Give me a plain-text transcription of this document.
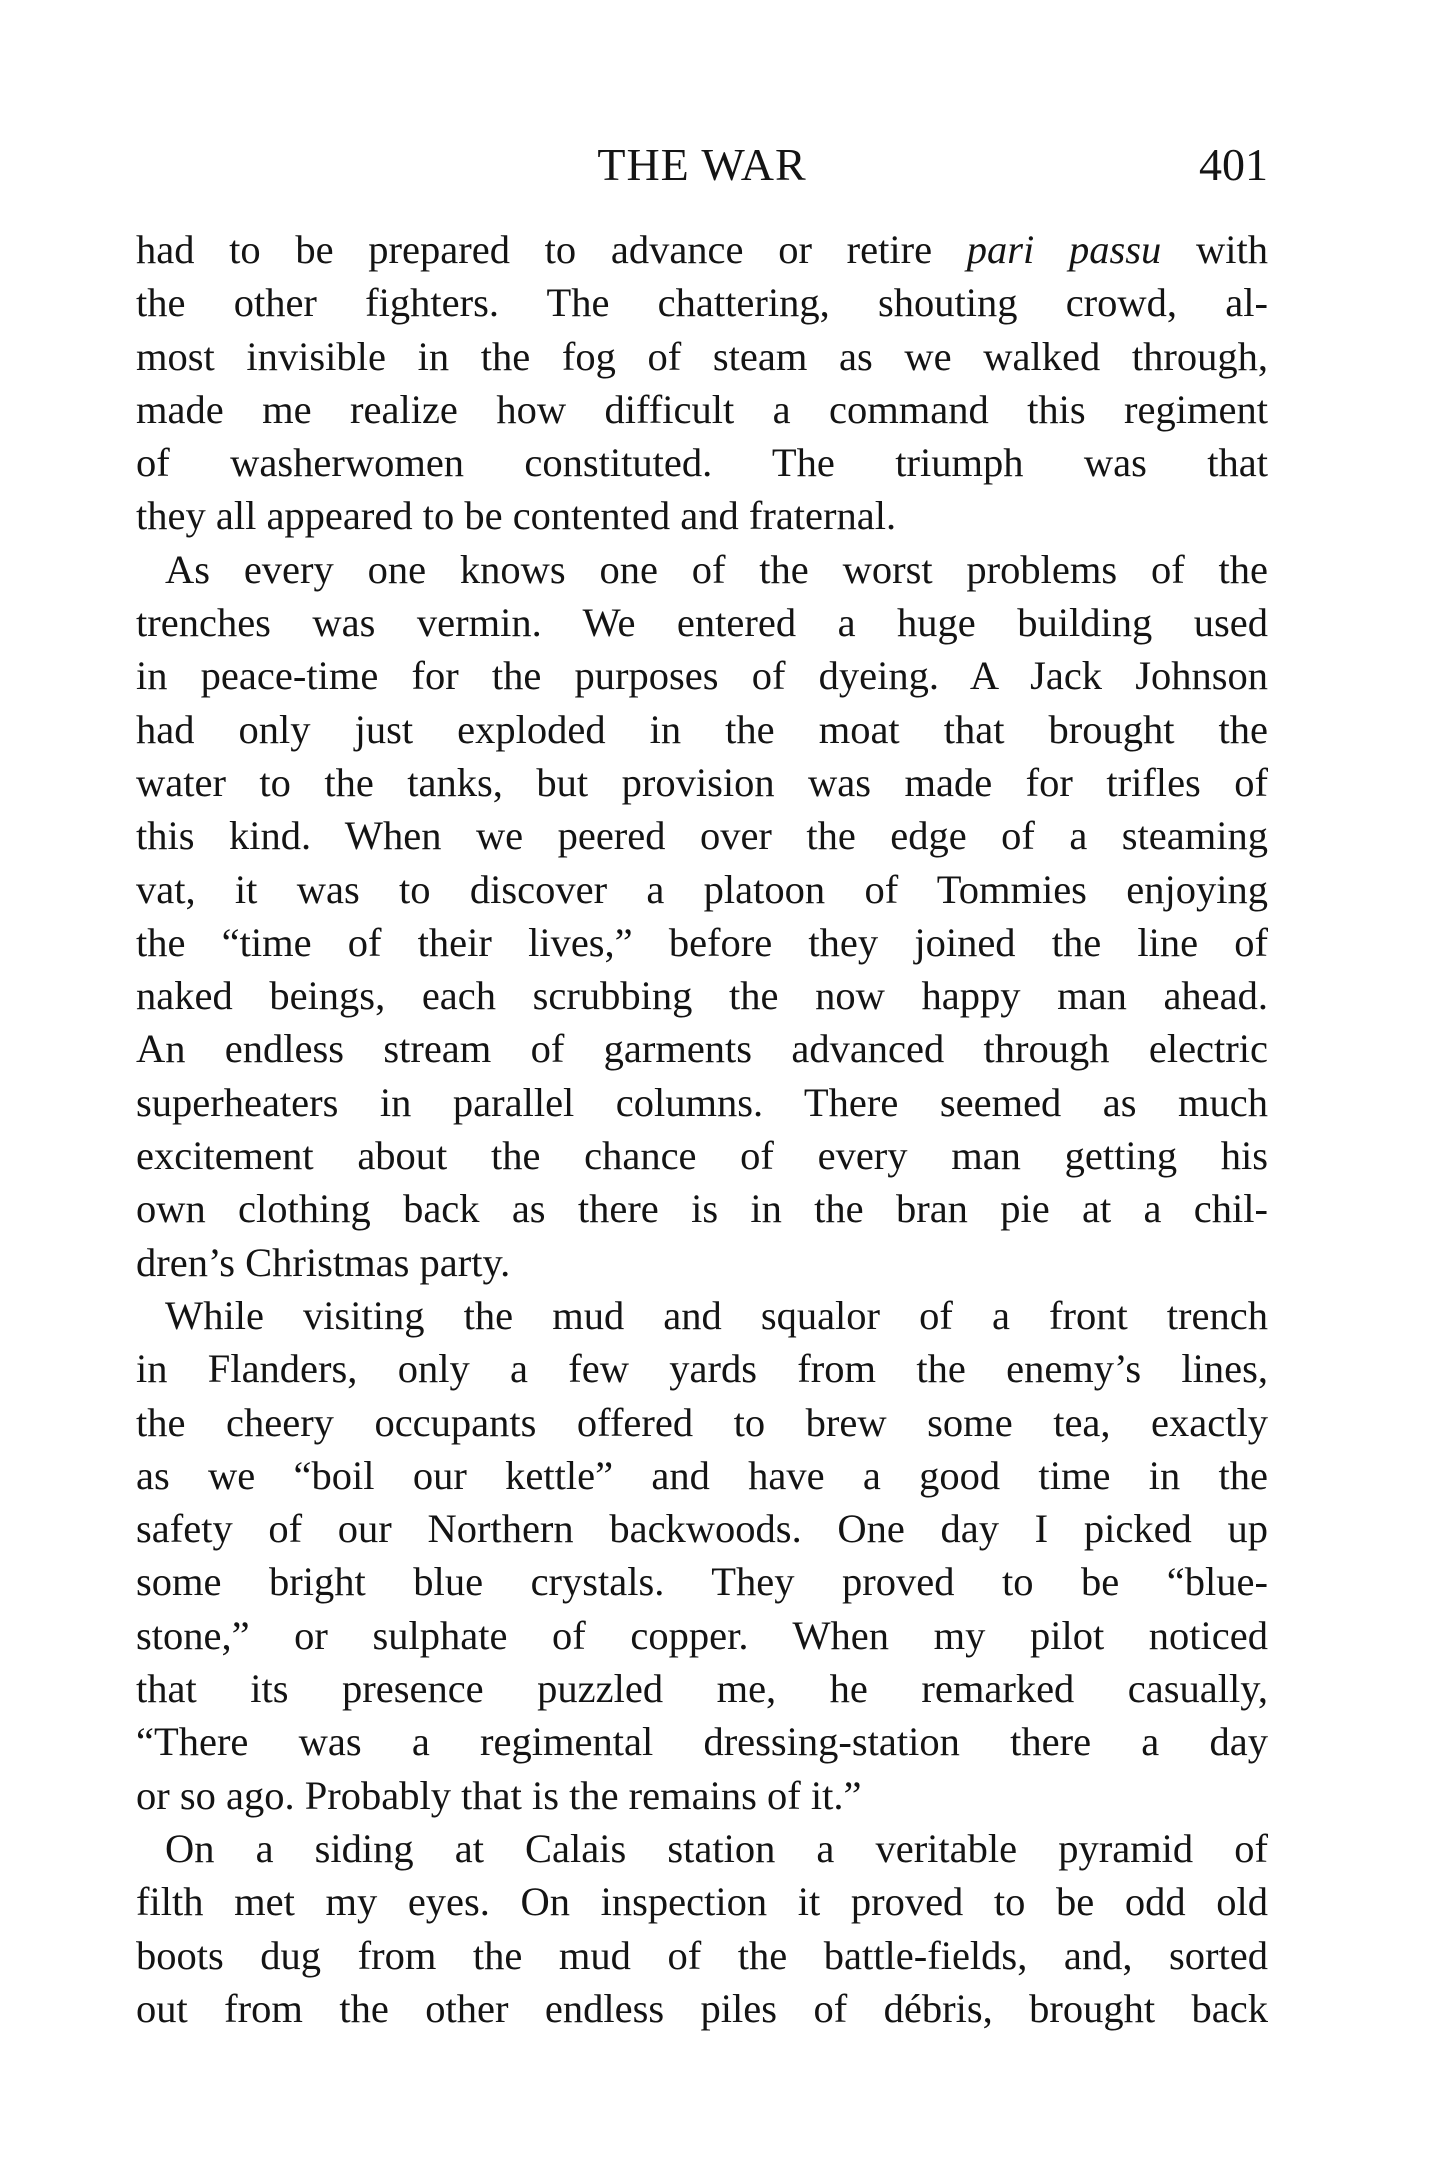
THE WAR	401
had to be prepared to advance or retire pari passu with
the other fighters. The chattering, shouting crowd, al-
most invisible in the fog of steam as we walked through,
made me realize how difficult a command this regiment
of washerwomen constituted. The triumph was that
they all appeared to be contented and fraternal.
As every one knows one of the worst problems of the
trenches was vermin. We entered a huge building used
in peace-time for the purposes of dyeing. A Jack Johnson
had only just exploded in the moat that brought the
water to the tanks, but provision was made for trifles of
this kind. When we peered over the edge of a steaming
vat, it was to discover a platoon of Tommies enjoying
the “time of their lives,” before they joined the line of
naked beings, each scrubbing the now happy man ahead.
An endless stream of garments advanced through electric
superheaters in parallel columns. There seemed as much
excitement about the chance of every man getting his
own clothing back as there is in the bran pie at a chil-
dren’s Christmas party.
While visiting the mud and squalor of a front trench
in Flanders, only a few yards from the enemy’s lines,
the cheery occupants offered to brew some tea, exactly
as we “boil our kettle” and have a good time in the
safety of our Northern backwoods. One day I picked up
some bright blue crystals. They proved to be “blue-
stone,” or sulphate of copper. When my pilot noticed
that its presence puzzled me, he remarked casually,
“There was a regimental dressing-station there a day
or so ago. Probably that is the remains of it.”
On a siding at Calais station a veritable pyramid of
filth met my eyes. On inspection it proved to be odd old
boots dug from the mud of the battle-fields, and, sorted
out from the other endless piles of débris, brought back
